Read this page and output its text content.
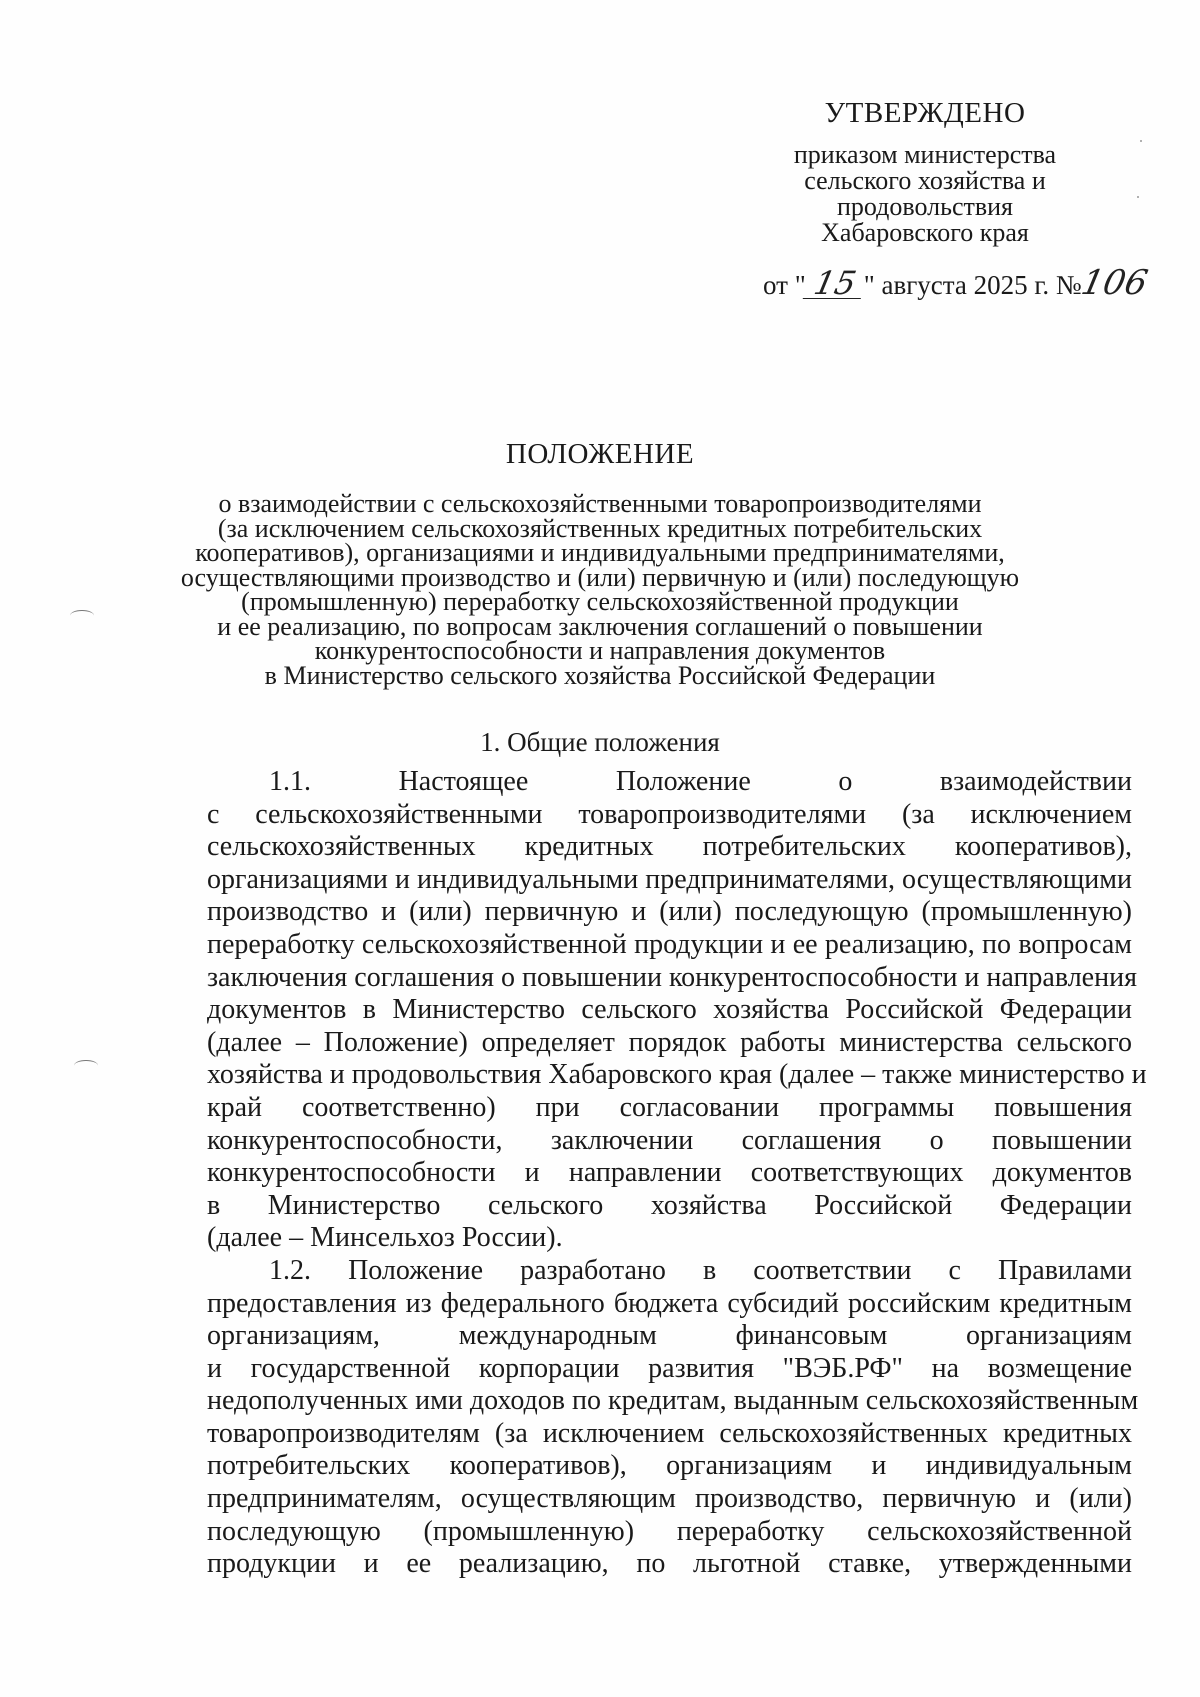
УТВЕРЖДЕНО
приказом министерства
сельского хозяйства и
продовольствия
Хабаровского края
от " 15 " августа 2025 г. №106
ПОЛОЖЕНИЕ
о взаимодействии с сельскохозяйственными товаропроизводителями
(за исключением сельскохозяйственных кредитных потребительских
кооперативов), организациями и индивидуальными предпринимателями,
осуществляющими производство и (или) первичную и (или) последующую
(промышленную) переработку сельскохозяйственной продукции
и ее реализацию, по вопросам заключения соглашений о повышении
конкурентоспособности и направления документов
в Министерство сельского хозяйства Российской Федерации
1. Общие положения
1.1. Настоящее Положение о взаимодействии
с сельскохозяйственными товаропроизводителями (за исключением
сельскохозяйственных кредитных потребительских кооперативов),
организациями и индивидуальными предпринимателями, осуществляющими
производство и (или) первичную и (или) последующую (промышленную)
переработку сельскохозяйственной продукции и ее реализацию, по вопросам
заключения соглашения о повышении конкурентоспособности и направления
документов в Министерство сельского хозяйства Российской Федерации
(далее – Положение) определяет порядок работы министерства сельского
хозяйства и продовольствия Хабаровского края (далее – также министерство и
край соответственно) при согласовании программы повышения
конкурентоспособности, заключении соглашения о повышении
конкурентоспособности и направлении соответствующих документов
в Министерство сельского хозяйства Российской Федерации
(далее – Минсельхоз России).
1.2. Положение разработано в соответствии с Правилами
предоставления из федерального бюджета субсидий российским кредитным
организациям, международным финансовым организациям
и государственной корпорации развития "ВЭБ.РФ" на возмещение
недополученных ими доходов по кредитам, выданным сельскохозяйственным
товаропроизводителям (за исключением сельскохозяйственных кредитных
потребительских кооперативов), организациям и индивидуальным
предпринимателям, осуществляющим производство, первичную и (или)
последующую (промышленную) переработку сельскохозяйственной
продукции и ее реализацию, по льготной ставке, утвержденными
